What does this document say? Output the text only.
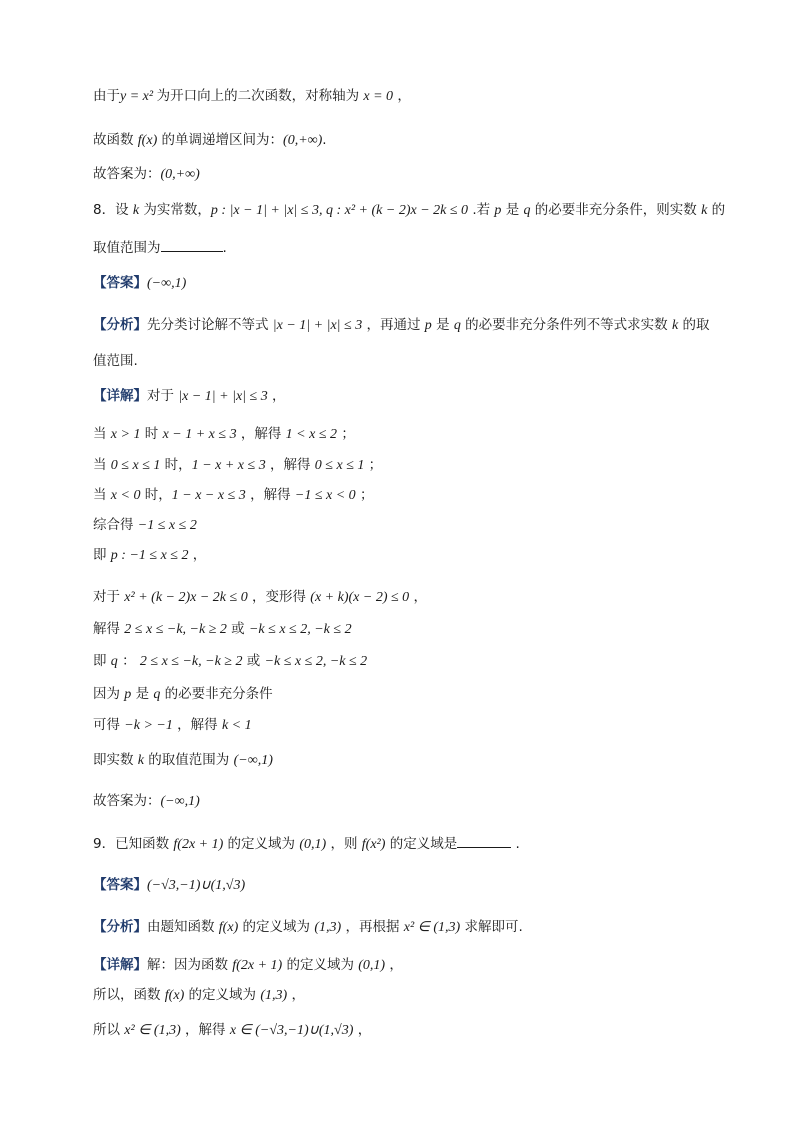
由于y = x² 为开口向上的二次函数，对称轴为 x = 0 ，
故函数 f(x) 的单调递增区间为：(0,+∞).
故答案为：(0,+∞)
8．设 k 为实常数，p : |x − 1| + |x| ≤ 3, q : x² + (k − 2)x − 2k ≤ 0 .若 p 是 q 的必要非充分条件，则实数 k 的
取值范围为	.
【答案】(−∞,1)
【分析】先分类讨论解不等式 |x − 1| + |x| ≤ 3 ，再通过 p 是 q 的必要非充分条件列不等式求实数 k 的取
值范围.
【详解】对于 |x − 1| + |x| ≤ 3 ，
当 x > 1 时 x − 1 + x ≤ 3 ，解得 1 < x ≤ 2 ；
当 0 ≤ x ≤ 1 时，1 − x + x ≤ 3 ，解得 0 ≤ x ≤ 1 ；
当 x < 0 时，1 − x − x ≤ 3 ，解得 −1 ≤ x < 0 ；
综合得 −1 ≤ x ≤ 2
即 p : −1 ≤ x ≤ 2 ，
对于 x² + (k − 2)x − 2k ≤ 0 ，变形得 (x + k)(x − 2) ≤ 0 ，
解得 2 ≤ x ≤ −k, −k ≥ 2 或 −k ≤ x ≤ 2, −k ≤ 2
即 q ： 2 ≤ x ≤ −k, −k ≥ 2 或 −k ≤ x ≤ 2, −k ≤ 2
因为 p 是 q 的必要非充分条件
可得 −k > −1 ，解得 k < 1
即实数 k 的取值范围为 (−∞,1)
故答案为：(−∞,1)
9．已知函数 f(2x + 1) 的定义域为 (0,1) ，则 f(x²) 的定义域是	.
【答案】(−√3,−1)∪(1,√3)
【分析】由题知函数 f(x) 的定义域为 (1,3) ，再根据 x² ∈ (1,3) 求解即可.
【详解】解：因为函数 f(2x + 1) 的定义域为 (0,1) ，
所以，函数 f(x) 的定义域为 (1,3) ，
所以 x² ∈ (1,3) ，解得 x ∈ (−√3,−1)∪(1,√3) ，
